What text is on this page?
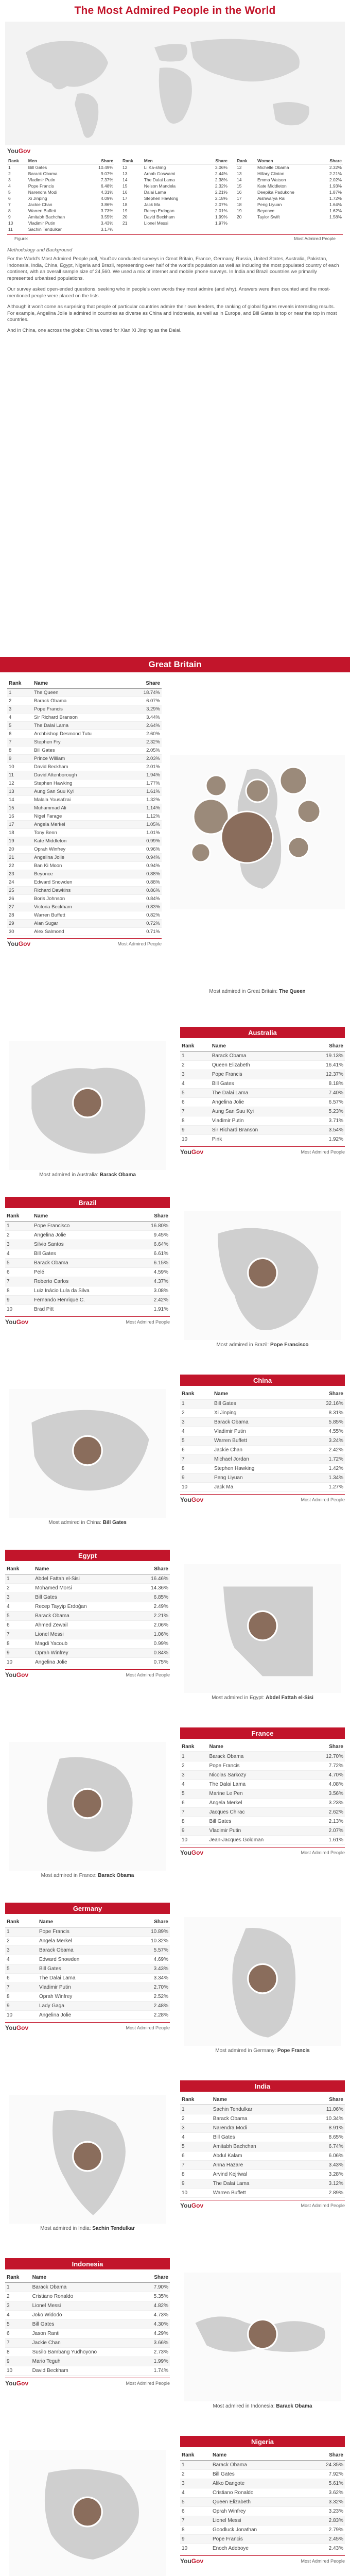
The Most Admired People in the World
YouGov
Rank	Men	Share
1	Bill Gates	10.49%
2	Barack Obama	9.07%
3	Vladimir Putin	7.37%
4	Pope Francis	6.48%
5	Narendra Modi	4.31%
6	Xi Jinping	4.09%
7	Jackie Chan	3.86%
8	Warren Buffett	3.73%
9	Amitabh Bachchan	3.55%
10	Vladimir Putin	3.43%
11	Sachin Tendulkar	3.17%
Rank	Men	Share
12	Li Ka-shing	3.06%
13	Arnab Goswami	2.44%
14	The Dalai Lama	2.38%
15	Nelson Mandela	2.32%
16	Dalai Lama	2.21%
17	Stephen Hawking	2.18%
18	Jack Ma	2.07%
19	Recep Erdogan	2.01%
20	David Beckham	1.99%
21	Lionel Messi	1.97%
Rank	Women	Share
12	Michelle Obama	2.32%
13	Hillary Clinton	2.21%
14	Emma Watson	2.02%
15	Kate Middleton	1.93%
16	Deepika Padukone	1.87%
17	Aishwarya Rai	1.72%
18	Peng Liyuan	1.64%
19	Beyonce	1.62%
20	Taylor Swift	1.58%
Figure:	Most Admired People
Methodology and Background

For the World's Most Admired People poll, YouGov conducted surveys in Great Britain, France, Germany, Russia, United States, Australia, Pakistan, Indonesia, India, China, Egypt, Nigeria and Brazil, representing over half of the world's population as well as including the most populated country of each continent, with an overall sample size of 24,560. We used a mix of internet and mobile phone surveys. In India and Brazil countries we primarily represented urbanised populations.

Our survey asked open-ended questions, seeking who in people's own words they most admire (and why). Answers were then counted and the most-mentioned people were placed on the lists.

Although it won't come as surprising that people of particular countries admire their own leaders, the ranking of global figures reveals interesting results. For example, Angelina Jolie is admired in countries as diverse as China and Indonesia, as well as in Europe, and Bill Gates is top or near the top in most countries.

And in China, one across the globe: China voted for Xian Xi Jinping as the Dalai.

Great Britain
Rank	Name	Share
1	The Queen	18.74%
2	Barack Obama	6.07%
3	Pope Francis	3.29%
4	Sir Richard Branson	3.44%
5	The Dalai Lama	2.64%
6	Archbishop Desmond Tutu	2.60%
7	Stephen Fry	2.32%
8	Bill Gates	2.05%
9	Prince William	2.03%
10	David Beckham	2.01%
11	David Attenborough	1.94%
12	Stephen Hawking	1.77%
13	Aung San Suu Kyi	1.61%
14	Malala Yousafzai	1.32%
15	Muhammad Ali	1.14%
16	Nigel Farage	1.12%
17	Angela Merkel	1.05%
18	Tony Benn	1.01%
19	Kate Middleton	0.99%
20	Oprah Winfrey	0.96%
21	Angelina Jolie	0.94%
22	Ban Ki Moon	0.94%
23	Beyonce	0.88%
24	Edward Snowden	0.88%
25	Richard Dawkins	0.86%
26	Boris Johnson	0.84%
27	Victoria Beckham	0.83%
28	Warren Buffett	0.82%
29	Alan Sugar	0.72%
30	Alex Salmond	0.71%
YouGov	Most Admired People
Most admired in Great Britain: The Queen
Australia
Rank	Name	Share
1	Barack Obama	19.13%
2	Queen Elizabeth	16.41%
3	Pope Francis	12.37%
4	Bill Gates	8.18%
5	The Dalai Lama	7.40%
6	Angelina Jolie	6.57%
7	Aung San Suu Kyi	5.23%
8	Vladimir Putin	3.71%
9	Sir Richard Branson	3.54%
10	Pink	1.92%
YouGov	Most Admired People
Most admired in Australia: Barack Obama
Brazil
Rank	Name	Share
1	Pope Francisco	16.80%
2	Angelina Jolie	9.45%
3	Silvio Santos	6.64%
4	Bill Gates	6.61%
5	Barack Obama	6.15%
6	Pelé	4.59%
7	Roberto Carlos	4.37%
8	Luiz Inácio Lula da Silva	3.08%
9	Fernando Henrique C.	2.42%
10	Brad Pitt	1.91%
YouGov	Most Admired People
Most admired in Brazil: Pope Francisco
China
Rank	Name	Share
1	Bill Gates	32.16%
2	Xi Jinping	8.31%
3	Barack Obama	5.85%
4	Vladimir Putin	4.55%
5	Warren Buffett	3.24%
6	Jackie Chan	2.42%
7	Michael Jordan	1.72%
8	Stephen Hawking	1.42%
9	Peng Liyuan	1.34%
10	Jack Ma	1.27%
YouGov	Most Admired People
Most admired in China: Bill Gates
Egypt
Rank	Name	Share
1	Abdel Fattah el-Sisi	16.46%
2	Mohamed Morsi	14.36%
3	Bill Gates	6.85%
4	Recep Tayyip Erdoğan	2.49%
5	Barack Obama	2.21%
6	Ahmed Zewail	2.06%
7	Lionel Messi	1.06%
8	Magdi Yacoub	0.99%
9	Oprah Winfrey	0.84%
10	Angelina Jolie	0.75%
YouGov	Most Admired People
Most admired in Egypt: Abdel Fattah el-Sisi
France
Rank	Name	Share
1	Barack Obama	12.70%
2	Pope Francis	7.72%
3	Nicolas Sarkozy	4.70%
4	The Dalai Lama	4.08%
5	Marine Le Pen	3.56%
6	Angela Merkel	3.23%
7	Jacques Chirac	2.62%
8	Bill Gates	2.13%
9	Vladimir Putin	2.07%
10	Jean-Jacques Goldman	1.61%
YouGov	Most Admired People
Most admired in France: Barack Obama
Germany
Rank	Name	Share
1	Pope Francis	10.89%
2	Angela Merkel	10.32%
3	Barack Obama	5.57%
4	Edward Snowden	4.69%
5	Bill Gates	3.43%
6	The Dalai Lama	3.34%
7	Vladimir Putin	2.70%
8	Oprah Winfrey	2.52%
9	Lady Gaga	2.48%
10	Angelina Jolie	2.28%
YouGov	Most Admired People
Most admired in Germany: Pope Francis
India
Rank	Name	Share
1	Sachin Tendulkar	11.06%
2	Barack Obama	10.34%
3	Narendra Modi	8.91%
4	Bill Gates	8.65%
5	Amitabh Bachchan	6.74%
6	Abdul Kalam	6.06%
7	Anna Hazare	3.43%
8	Arvind Kejriwal	3.28%
9	The Dalai Lama	3.12%
10	Warren Buffett	2.89%
YouGov	Most Admired People
Most admired in India: Sachin Tendulkar
Indonesia
Rank	Name	Share
1	Barack Obama	7.90%
2	Cristiano Ronaldo	5.35%
3	Lionel Messi	4.82%
4	Joko Widodo	4.73%
5	Bill Gates	4.30%
6	Jason Ranti	4.29%
7	Jackie Chan	3.66%
8	Susilo Bambang Yudhoyono	2.73%
9	Mario Teguh	1.99%
10	David Beckham	1.74%
YouGov	Most Admired People
Most admired in Indonesia: Barack Obama
Nigeria
Rank	Name	Share
1	Barack Obama	24.35%
2	Bill Gates	7.92%
3	Aliko Dangote	5.61%
4	Cristiano Ronaldo	3.62%
5	Queen Elizabeth	3.32%
6	Oprah Winfrey	3.23%
7	Lionel Messi	2.83%
8	Goodluck Jonathan	2.79%
9	Pope Francis	2.45%
10	Enoch Adeboye	2.43%
YouGov	Most Admired People
